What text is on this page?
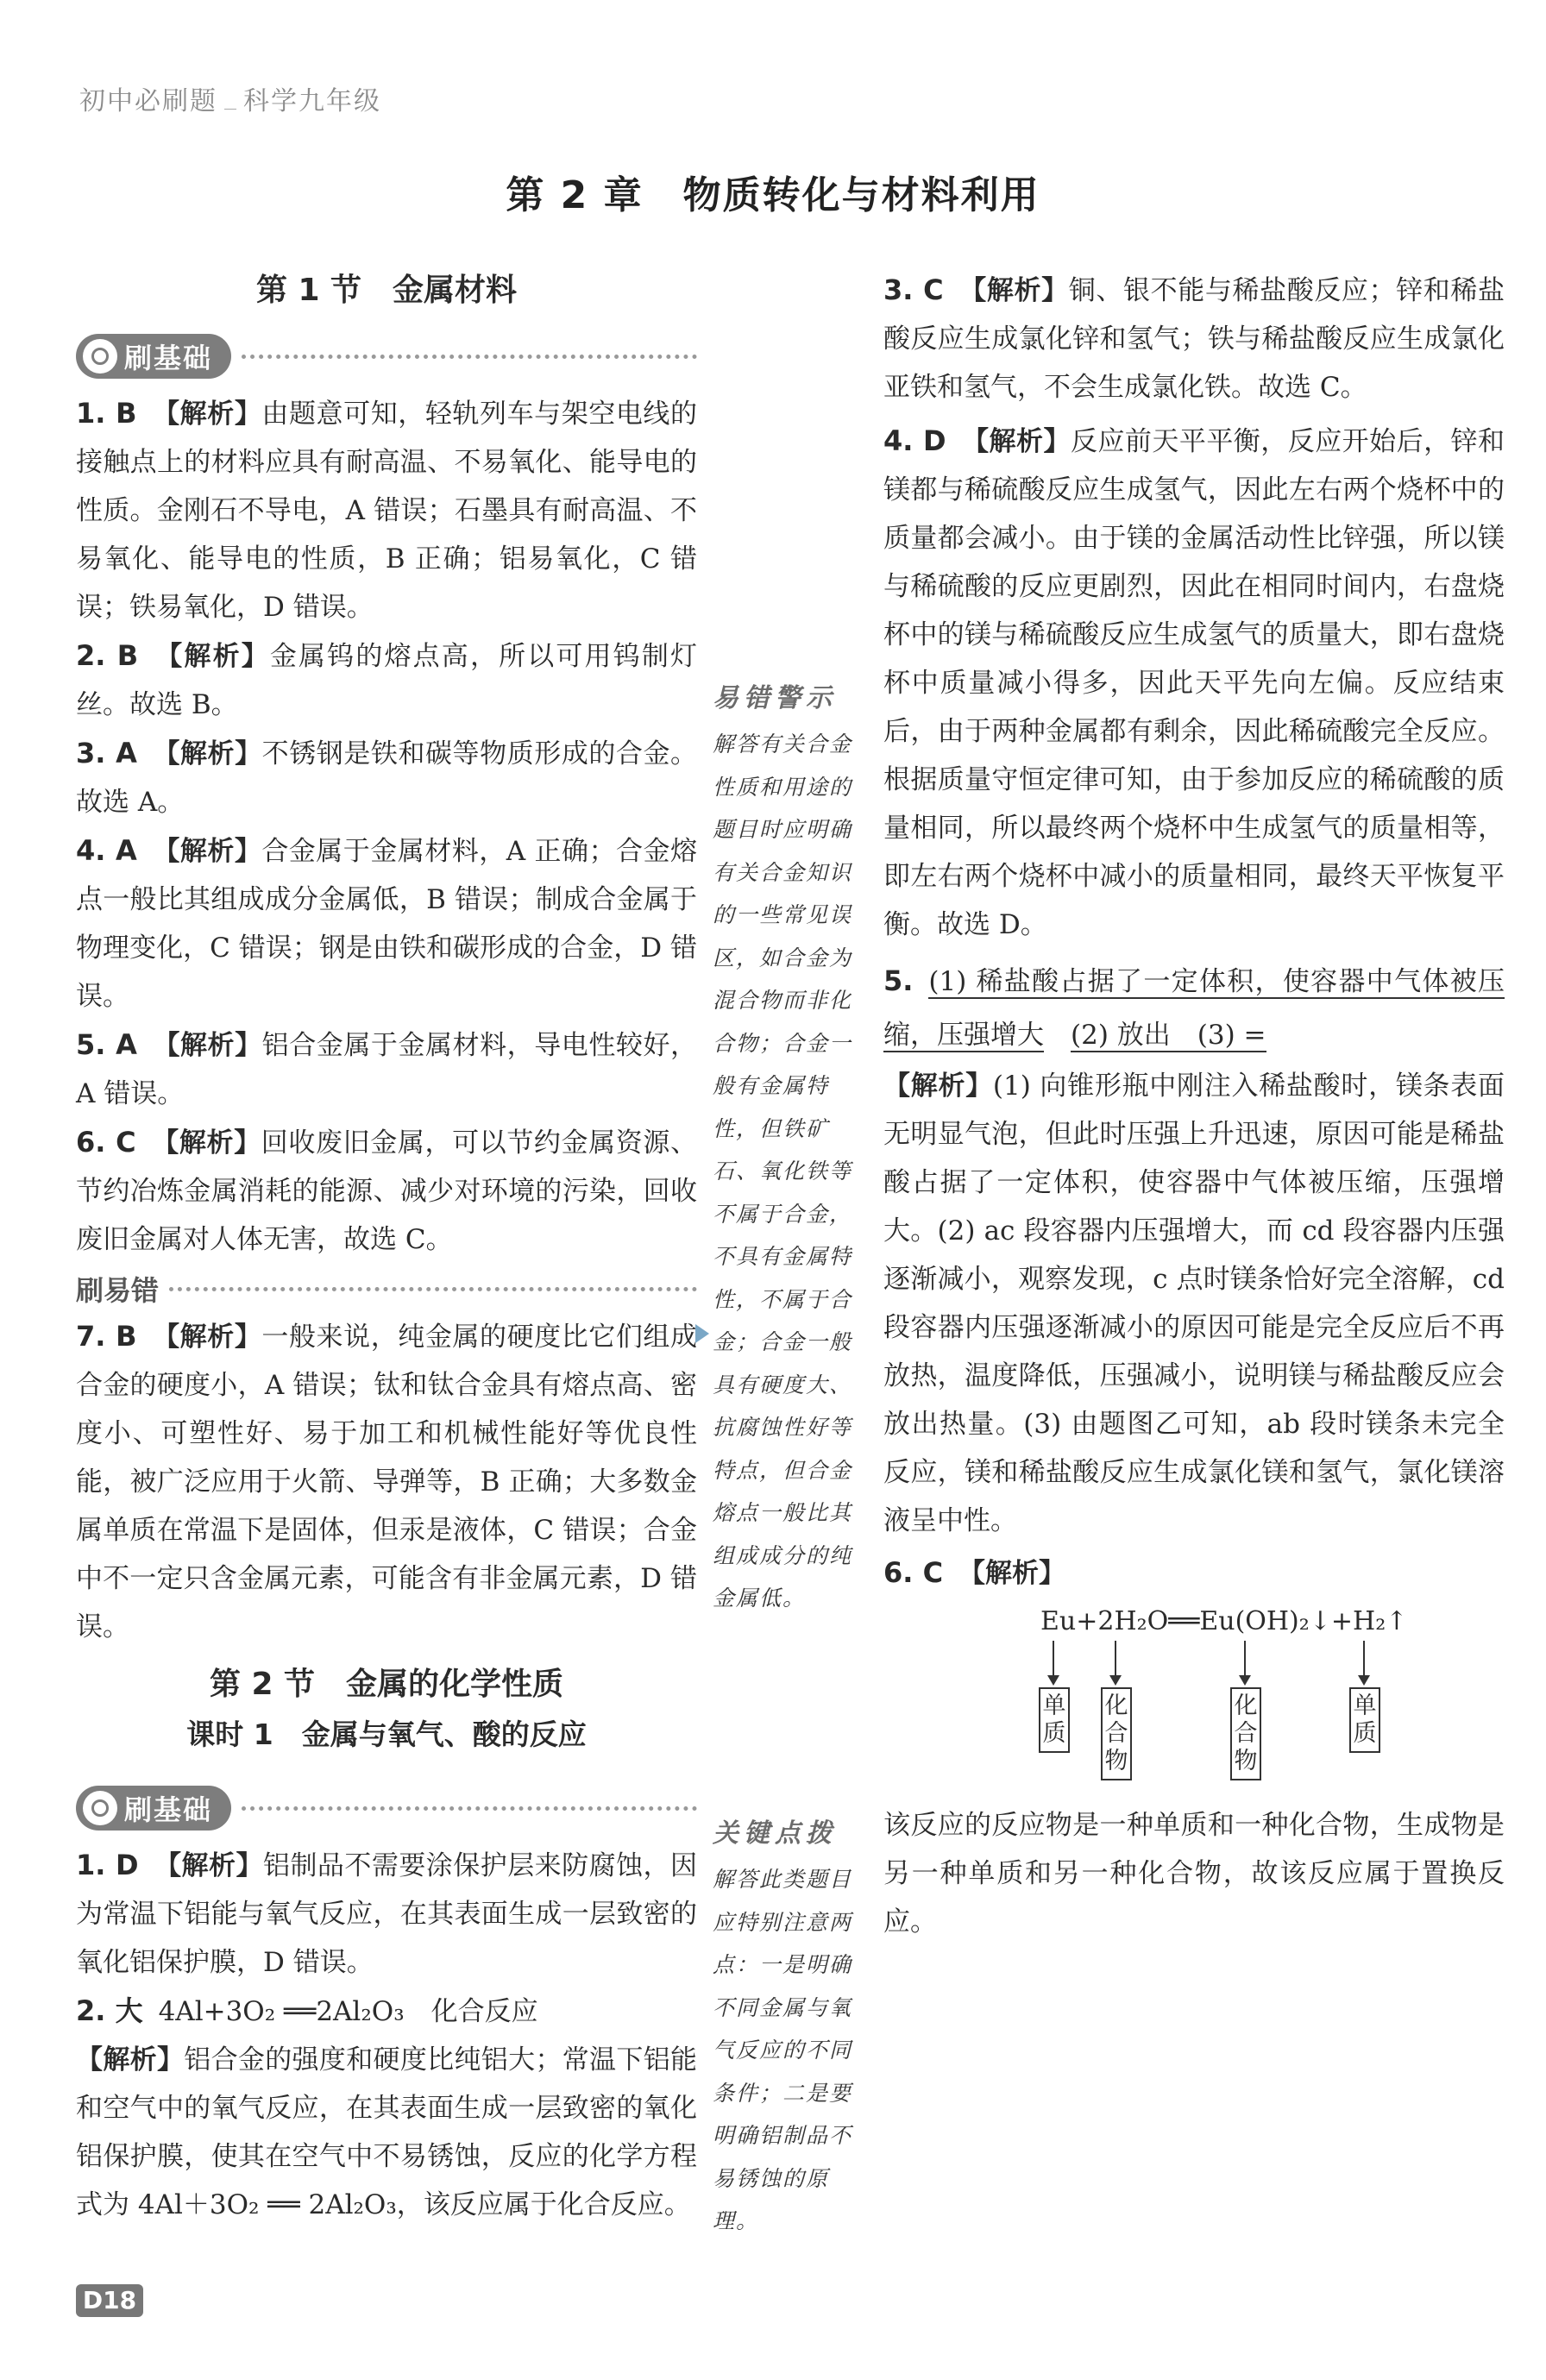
初中必刷题 科学九年级
第 2 章　物质转化与材料利用
第 1 节　金属材料
刷基础
1. B 【解析】由题意可知，轻轨列车与架空电线的接触点上的材料应具有耐高温、不易氧化、能导电的性质。金刚石不导电，A 错误；石墨具有耐高温、不易氧化、能导电的性质，B 正确；铝易氧化，C 错误；铁易氧化，D 错误。
2. B 【解析】金属钨的熔点高，所以可用钨制灯丝。故选 B。
3. A 【解析】不锈钢是铁和碳等物质形成的合金。故选 A。
4. A 【解析】合金属于金属材料，A 正确；合金熔点一般比其组成成分金属低，B 错误；制成合金属于物理变化，C 错误；钢是由铁和碳形成的合金，D 错误。
5. A 【解析】铝合金属于金属材料，导电性较好，A 错误。
6. C 【解析】回收废旧金属，可以节约金属资源、节约冶炼金属消耗的能源、减少对环境的污染，回收废旧金属对人体无害，故选 C。
刷易错
7. B 【解析】一般来说，纯金属的硬度比它们组成合金的硬度小，A 错误；钛和钛合金具有熔点高、密度小、可塑性好、易于加工和机械性能好等优良性能，被广泛应用于火箭、导弹等，B 正确；大多数金属单质在常温下是固体，但汞是液体，C 错误；合金中不一定只含金属元素，可能含有非金属元素，D 错误。
第 2 节　金属的化学性质
课时 1　金属与氧气、酸的反应
刷基础
1. D 【解析】铝制品不需要涂保护层来防腐蚀，因为常温下铝能与氧气反应，在其表面生成一层致密的氧化铝保护膜，D 错误。
2. 大 4Al+3O₂ ══2Al₂O₃　化合反应
【解析】铝合金的强度和硬度比纯铝大；常温下铝能和空气中的氧气反应，在其表面生成一层致密的氧化铝保护膜，使其在空气中不易锈蚀，反应的化学方程式为 4Al＋3O₂ ══ 2Al₂O₃，该反应属于化合反应。
易错警示
解答有关合金性质和用途的题目时应明确有关合金知识的一些常见误区，如合金为混合物而非化合物；合金一般有金属特性，但铁矿石、氧化铁等不属于合金，不具有金属特性，不属于合金；合金一般具有硬度大、抗腐蚀性好等特点，但合金熔点一般比其组成成分的纯金属低。
关键点拨
解答此类题目应特别注意两点：一是明确不同金属与氧气反应的不同条件；二是要明确铝制品不易锈蚀的原理。
3. C 【解析】铜、银不能与稀盐酸反应；锌和稀盐酸反应生成氯化锌和氢气；铁与稀盐酸反应生成氯化亚铁和氢气，不会生成氯化铁。故选 C。
4. D 【解析】反应前天平平衡，反应开始后，锌和镁都与稀硫酸反应生成氢气，因此左右两个烧杯中的质量都会减小。由于镁的金属活动性比锌强，所以镁与稀硫酸的反应更剧烈，因此在相同时间内，右盘烧杯中的镁与稀硫酸反应生成氢气的质量大，即右盘烧杯中质量减小得多，因此天平先向左偏。反应结束后，由于两种金属都有剩余，因此稀硫酸完全反应。根据质量守恒定律可知，由于参加反应的稀硫酸的质量相同，所以最终两个烧杯中生成氢气的质量相等，即左右两个烧杯中减小的质量相同，最终天平恢复平衡。故选 D。
5. (1) 稀盐酸占据了一定体积，使容器中气体被压缩，压强增大　 (2) 放出　(3) =
【解析】(1) 向锥形瓶中刚注入稀盐酸时，镁条表面无明显气泡，但此时压强上升迅速，原因可能是稀盐酸占据了一定体积，使容器中气体被压缩，压强增大。(2) ac 段容器内压强增大，而 cd 段容器内压强逐渐减小，观察发现，c 点时镁条恰好完全溶解，cd 段容器内压强逐渐减小的原因可能是完全反应后不再放热，温度降低，压强减小，说明镁与稀盐酸反应会放出热量。(3) 由题图乙可知，ab 段时镁条未完全反应，镁和稀盐酸反应生成氯化镁和氢气，氯化镁溶液呈中性。
6. C 【解析】
Eu+2H₂O══Eu(OH)₂↓+H₂↑
单质
化合物
化合物
单质
该反应的反应物是一种单质和一种化合物，生成物是另一种单质和另一种化合物，故该反应属于置换反应。
D18
